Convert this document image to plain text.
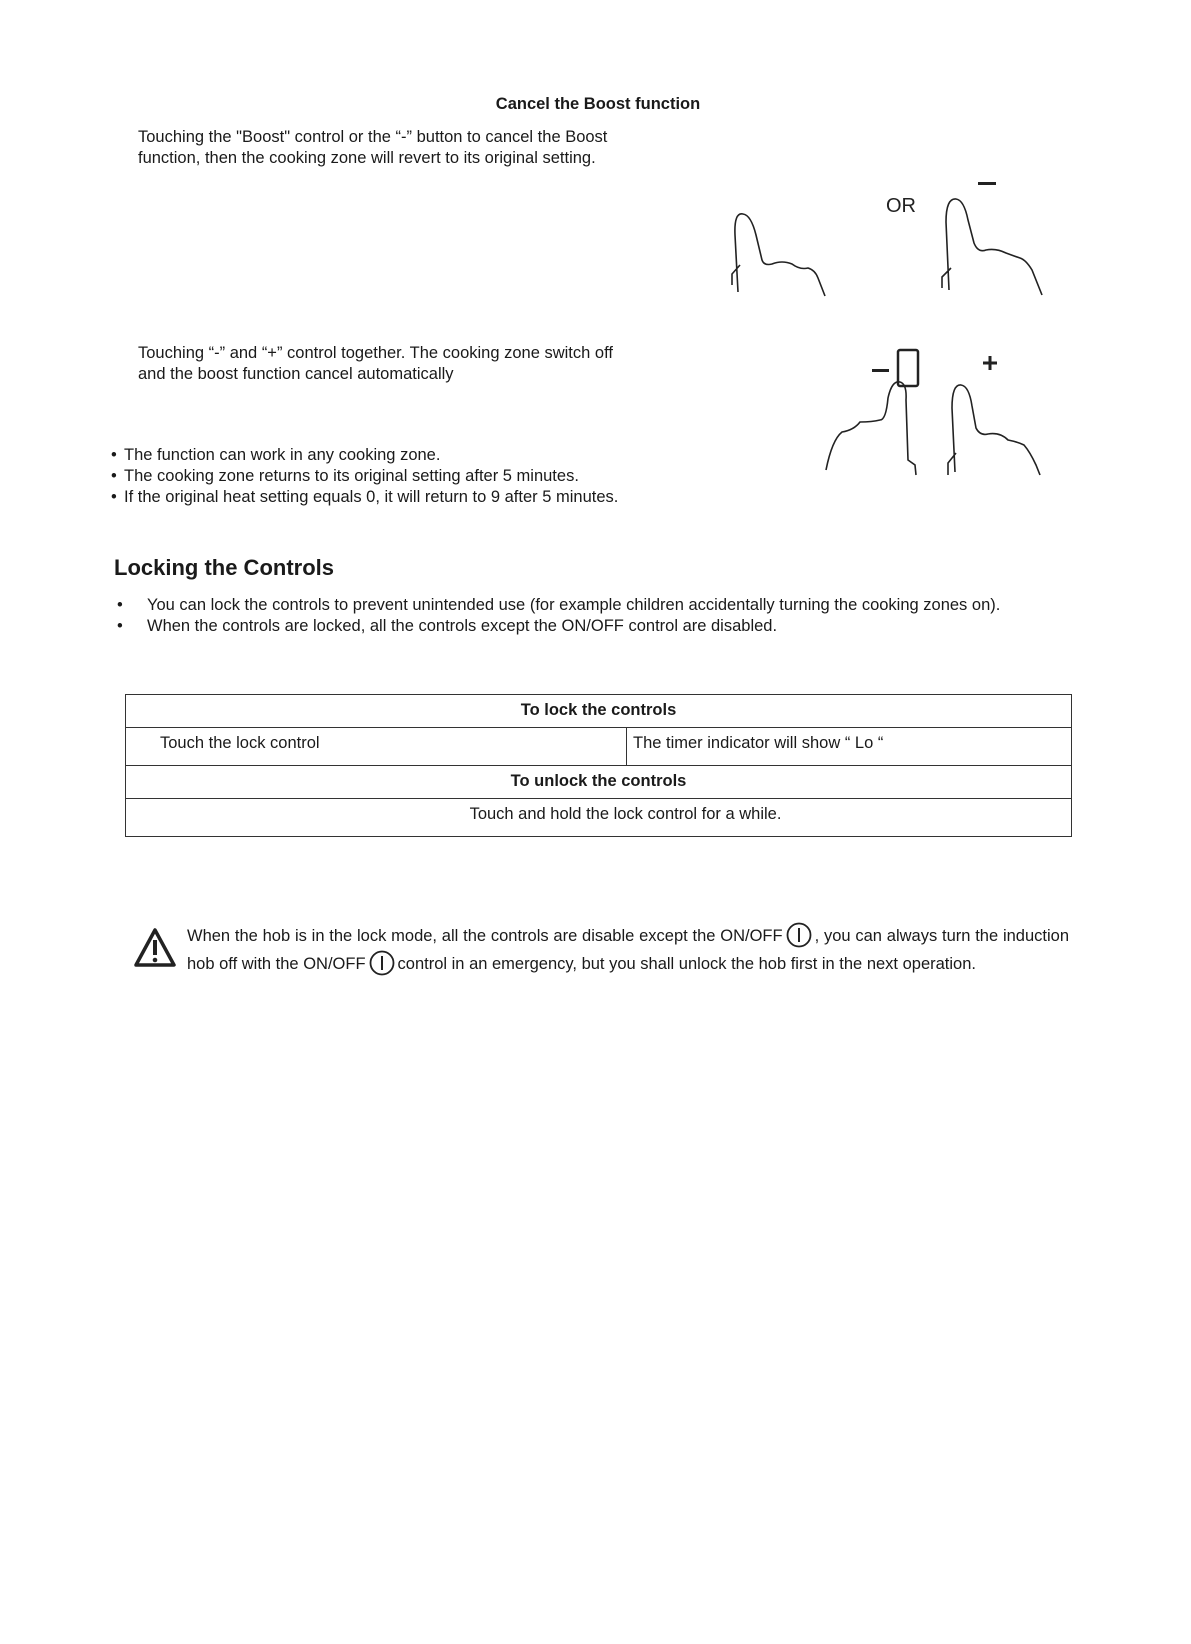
Cancel the Boost function
Touching the "Boost" control or the “-” button to cancel the Boost
function, then the cooking zone will revert to its original setting.
OR
Touching “-” and “+” control together. The cooking zone switch off
and the boost function cancel automatically
• The function can work in any cooking zone.
• The cooking zone returns to its original setting after 5 minutes.
• If the original heat setting equals 0, it will return to 9 after 5 minutes.
Locking the Controls
•	You can lock the controls to prevent unintended use (for example children accidentally turning the cooking zones on).
•	When the controls are locked, all the controls except the ON/OFF control are disabled.
To lock the controls
Touch the lock control	The timer indicator will show “ Lo “
To unlock the controls
Touch and hold the lock control for a while.
When the hob is in the lock mode, all the controls are disable except the ON/OFF , you can always turn the induction hob off with the ON/OFF control in an emergency, but you shall unlock the hob first in the next operation.
